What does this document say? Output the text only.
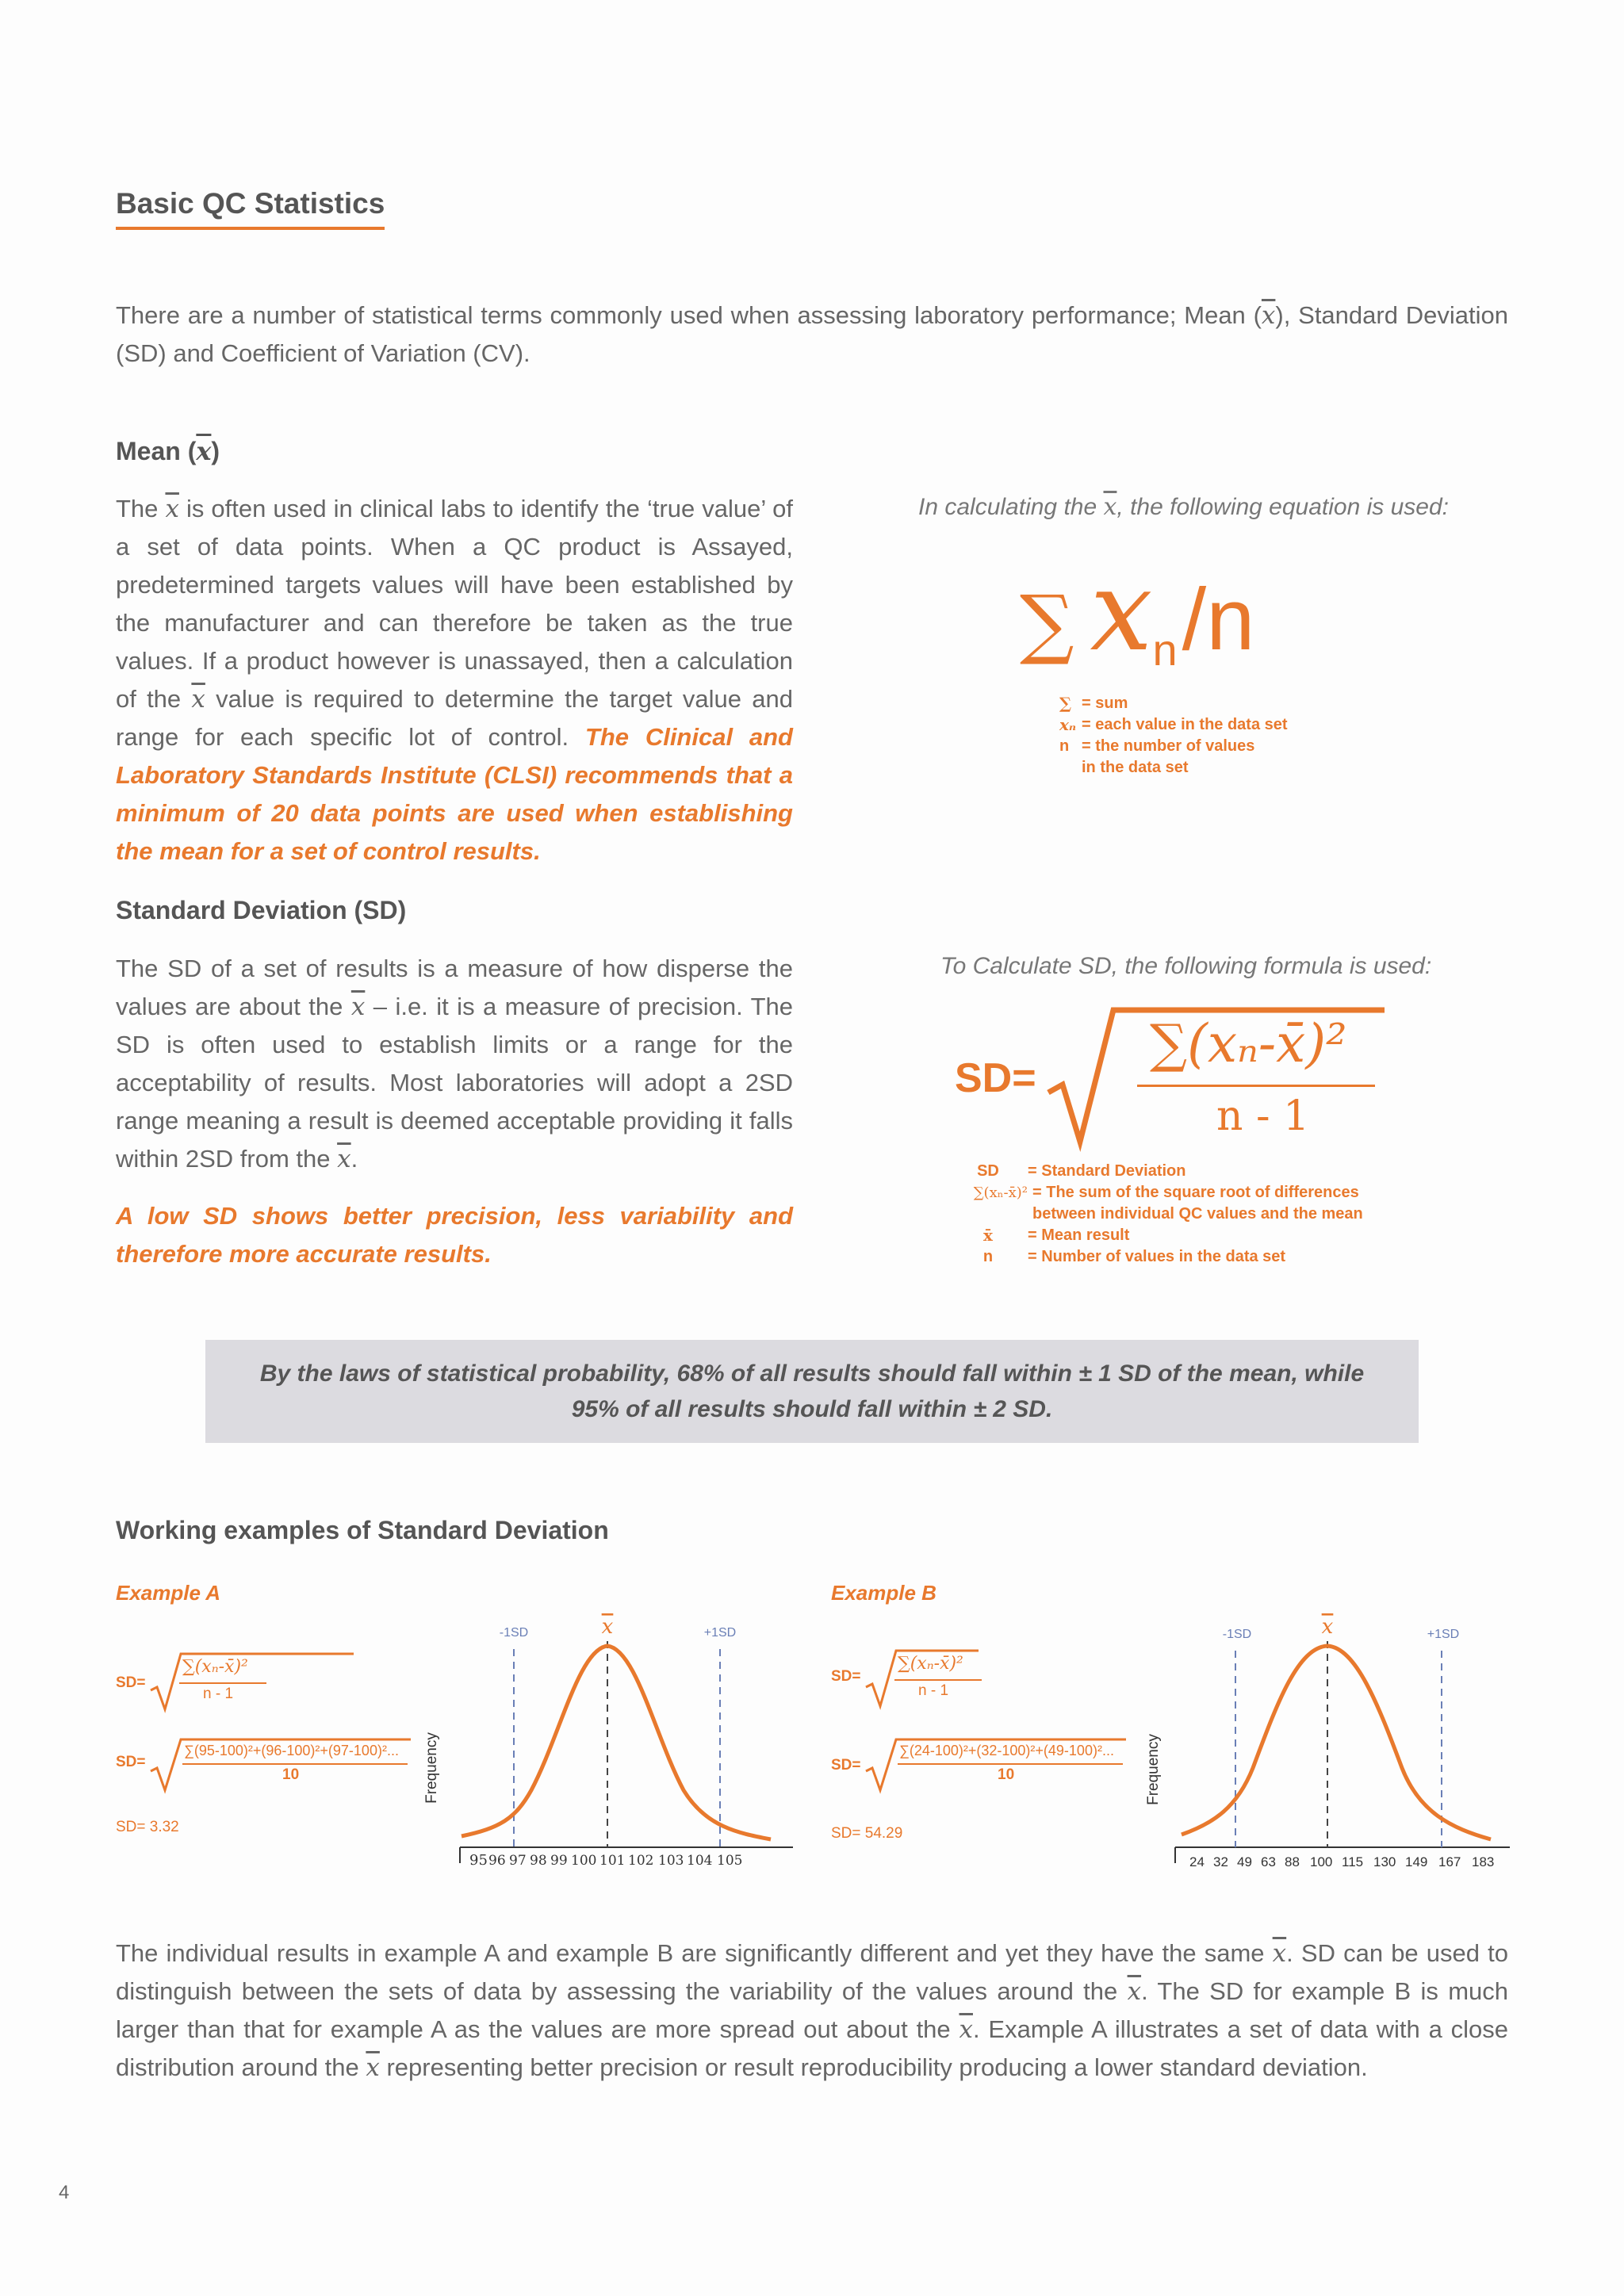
Basic QC Statistics
There are a number of statistical terms commonly used when assessing laboratory performance; Mean $(\overline{x})$, Standard Deviation (SD) and Coefficient of Variation (CV).
Mean $(\overline{x})$
The $\overline{x}$ is often used in clinical labs to identify the ‘true value’ of a set of data points. When a QC product is Assayed, predetermined targets values will have been established by the manufacturer and can therefore be taken as the true values. If a product however is unassayed, then a calculation of the $\overline{x}$ value is required to determine the target value and range for each specific lot of control. The Clinical and Laboratory Standards Institute (CLSI) recommends that a minimum of 20 data points are used when establishing the mean for a set of control results.
In calculating the $\overline{x}$, the following equation is used:
∑ x n /n
∑ = sum
xₙ = each value in the data set
n = the number of values in the data set
Standard Deviation (SD)
The SD of a set of results is a measure of how disperse the values are about the $\overline{x} - i.e$. it is a measure of precision. The SD is often used to establish limits or a range for the acceptability of results. Most laboratories will adopt a 2SD range meaning a result is deemed acceptable providing it falls within 2SD from the $\overline{x}$.
A low SD shows better precision, less variability and therefore more accurate results.
To Calculate SD, the following formula is used:
SD=
∑(xₙ-x̄)²
n - 1
SD	= Standard Deviation
∑(xₙ-x̄)² = The sum of the square root of differences between individual QC values and the mean
x̄	= Mean result
n	= Number of values in the data set
By the laws of statistical probability, 68% of all results should fall within ± 1 SD of the mean, while 95% of all results should fall within ± 2 SD.
Working examples of Standard Deviation
Example A
SD=
∑(xₙ-x̄)²
n - 1
SD=
∑(95-100)²+(96-100)²+(97-100)²...
10
SD= 3.32
Frequency
-1SD	x	+1SD
95 96 97 98 99 100 101 102 103 104 105
Example B
SD=
∑(xₙ-x̄)²
n - 1
SD=
∑(24-100)²+(32-100)²+(49-100)²...
10
SD= 54.29
Frequency
-1SD	x	+1SD
24 32 49 63 88 100 115 130 149 167 183
The individual results in example A and example B are significantly different and yet they have the same $\overline{x}$. SD can be used to distinguish between the sets of data by assessing the variability of the values around the $\overline{x}$. The SD for example B is much larger than that for example A as the values are more spread out about the $\overline{x}$. Example A illustrates a set of data with a close distribution around the $\overline{x}$ representing better precision or result reproducibility producing a lower standard deviation.
4
